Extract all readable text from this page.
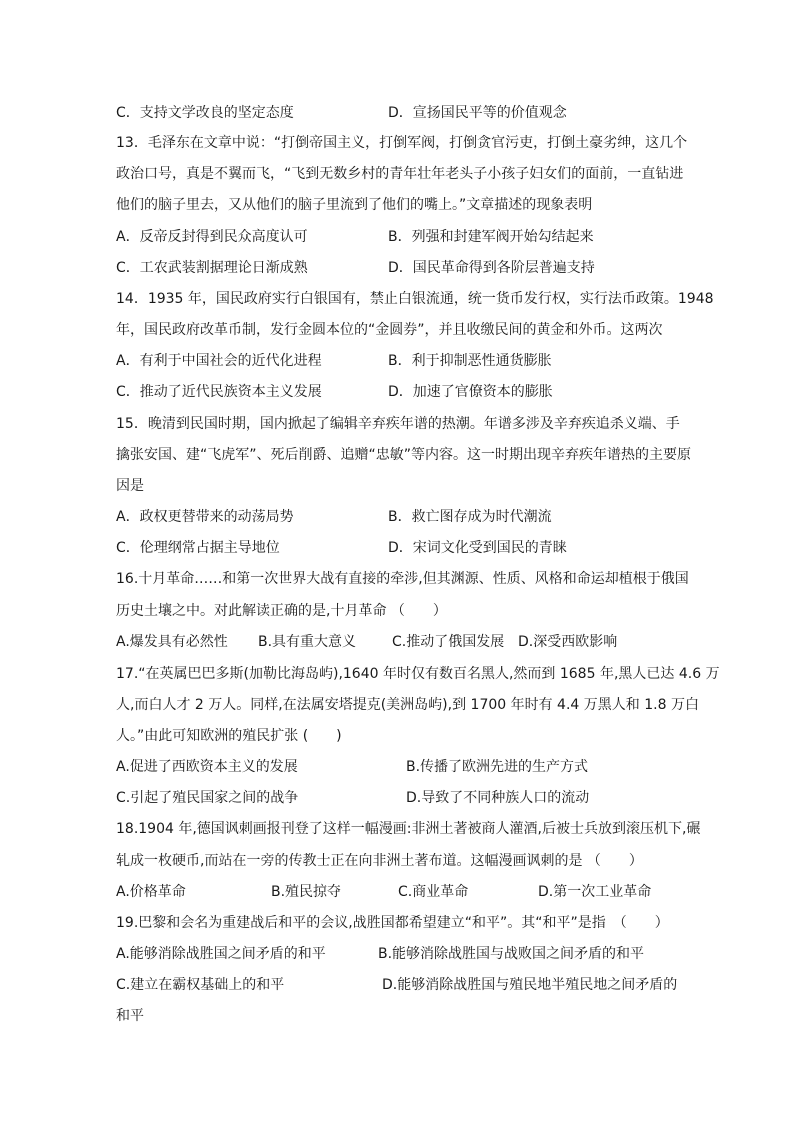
C．支持文学改良的坚定态度	D．宣扬国民平等的价值观念
13．毛泽东在文章中说：“打倒帝国主义，打倒军阀，打倒贪官污吏，打倒土豪劣绅，这几个
政治口号，真是不翼而飞，“飞到无数乡村的青年壮年老头子小孩子妇女们的面前，一直钻进
他们的脑子里去，又从他们的脑子里流到了他们的嘴上。”文章描述的现象表明
A．反帝反封得到民众高度认可	B．列强和封建军阀开始勾结起来
C．工农武装割据理论日渐成熟	D．国民革命得到各阶层普遍支持
14．1935 年，国民政府实行白银国有，禁止白银流通，统一货币发行权，实行法币政策。1948
年，国民政府改革币制，发行金圆本位的“金圆券”，并且收缴民间的黄金和外币。这两次
A．有利于中国社会的近代化进程	B．利于抑制恶性通货膨胀
C．推动了近代民族资本主义发展	D．加速了官僚资本的膨胀
15．晚清到民国时期，国内掀起了编辑辛弃疾年谱的热潮。年谱多涉及辛弃疾追杀义端、手
擒张安国、建“飞虎军”、死后削爵、追赠“忠敏”等内容。这一时期出现辛弃疾年谱热的主要原
因是
A．政权更替带来的动荡局势	B．救亡图存成为时代潮流
C．伦理纲常占据主导地位	D．宋词文化受到国民的青睐
16.十月革命……和第一次世界大战有直接的牵涉,但其渊源、性质、风格和命运却植根于俄国
历史土壤之中。对此解读正确的是,十月革命 （　　）
A.爆发具有必然性 B.具有重大意义	C.推动了俄国发展 D.深受西欧影响
17.“在英属巴巴多斯(加勒比海岛屿),1640 年时仅有数百名黑人,然而到 1685 年,黑人已达 4.6 万
人,而白人才 2 万人。同样,在法属安塔提克(美洲岛屿),到 1700 年时有 4.4 万黑人和 1.8 万白
人。”由此可知欧洲的殖民扩张 (　　)
A.促进了西欧资本主义的发展	B.传播了欧洲先进的生产方式
C.引起了殖民国家之间的战争	D.导致了不同种族人口的流动
18.1904 年,德国讽刺画报刊登了这样一幅漫画:非洲土著被商人灌酒,后被士兵放到滚压机下,碾
轧成一枚硬币,而站在一旁的传教士正在向非洲土著布道。这幅漫画讽刺的是 （　　）
A.价格革命	B.殖民掠夺	C.商业革命	D.第一次工业革命
19.巴黎和会名为重建战后和平的会议,战胜国都希望建立“和平”。其“和平”是指　（　　）
A.能够消除战胜国之间矛盾的和平	B.能够消除战胜国与战败国之间矛盾的和平
C.建立在霸权基础上的和平	D.能够消除战胜国与殖民地半殖民地之间矛盾的
和平
